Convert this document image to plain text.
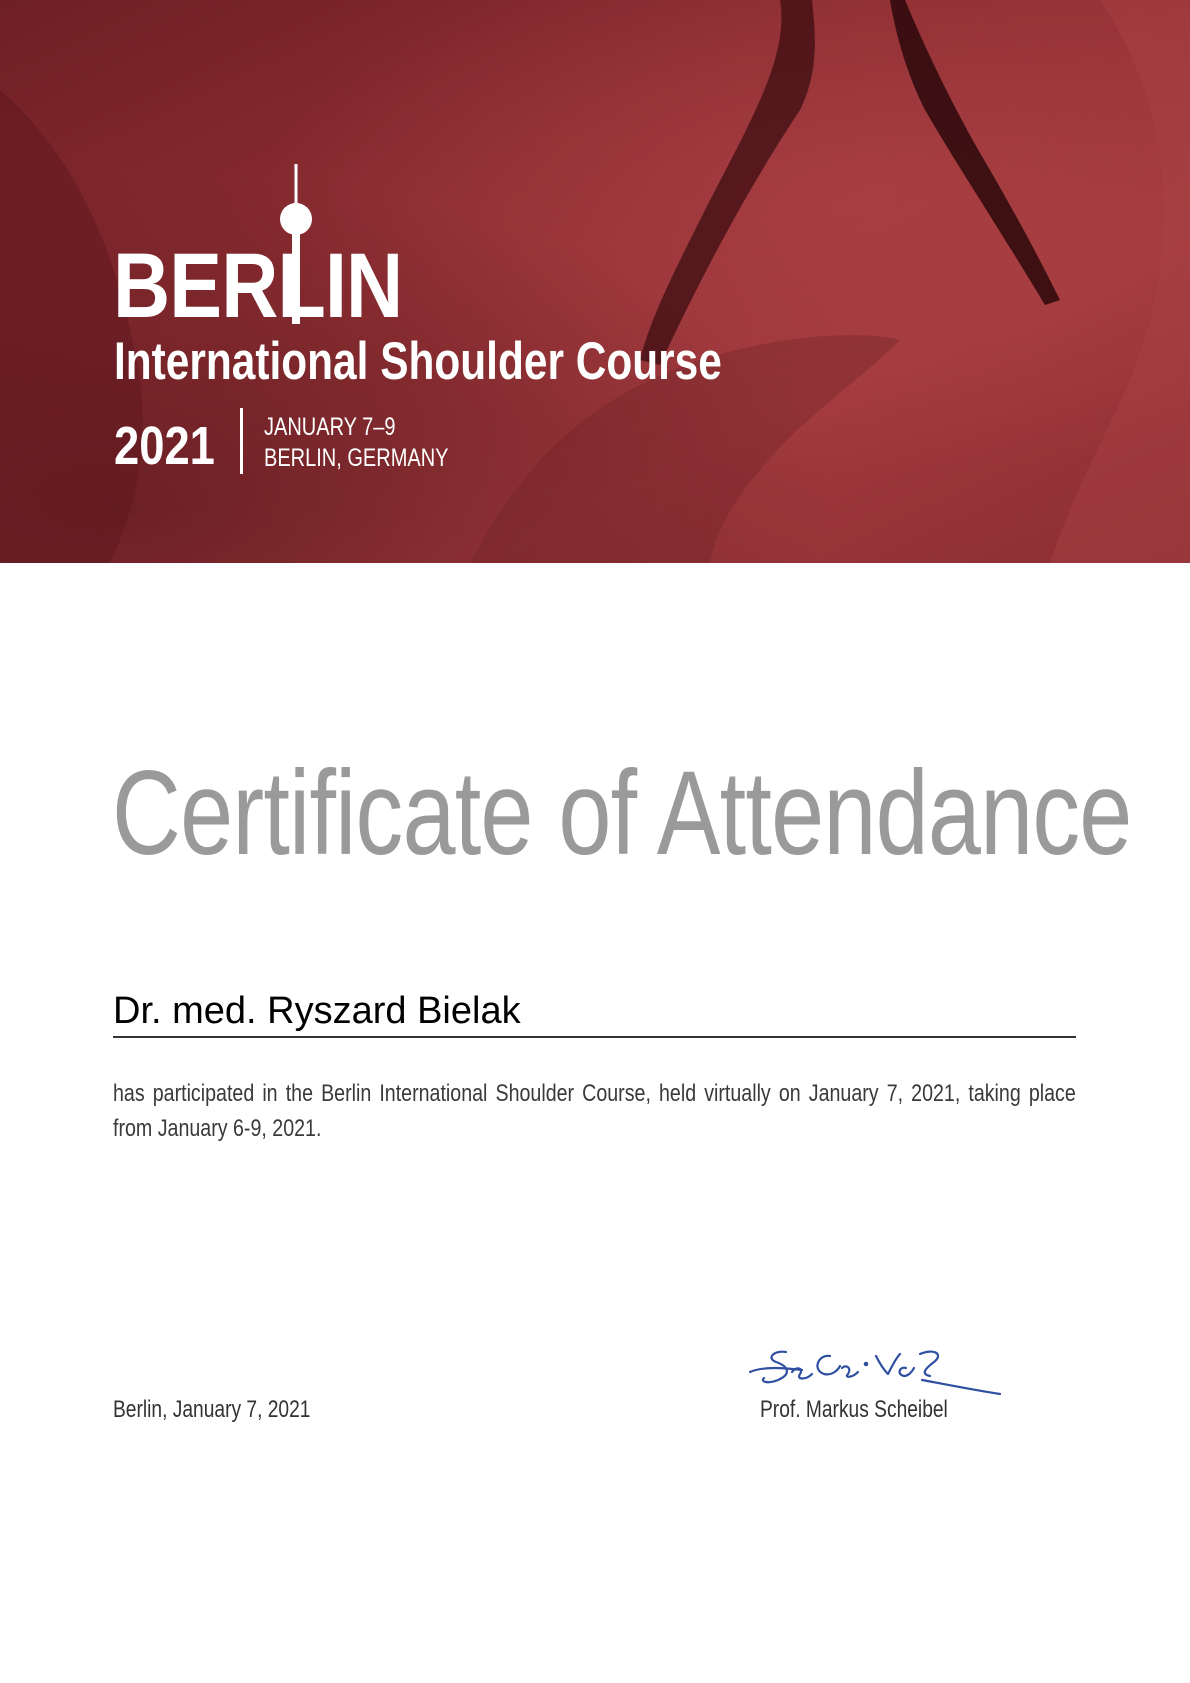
BERLIN
International Shoulder Course
2021 JANUARY 7–9
BERLIN, GERMANY
Certificate of Attendance
Dr. med. Ryszard Bielak
has participated in the Berlin International Shoulder Course, held virtually on January 7, 2021, taking place from January 6-9, 2021.
Berlin, January 7, 2021	Prof. Markus Scheibel
